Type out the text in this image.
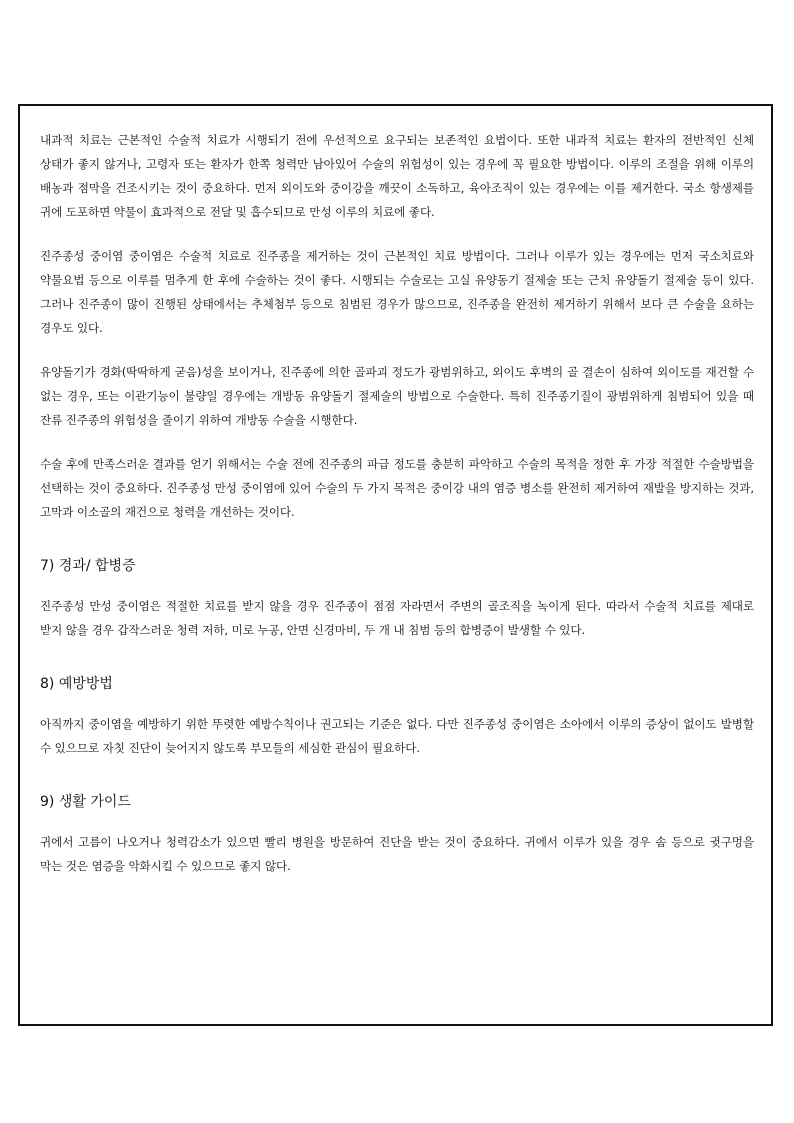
내과적 치료는 근본적인 수술적 치료가 시행되기 전에 우선적으로 요구되는 보존적인 요법이다. 또한 내과적 치료는 환자의 전반적인 신체 상태가 좋지 않거나, 고령자 또는 환자가 한쪽 청력만 남아있어 수술의 위험성이 있는 경우에 꼭 필요한 방법이다. 이루의 조절을 위해 이루의 배농과 점막을 건조시키는 것이 중요하다. 먼저 외이도와 중이강을 깨끗이 소독하고, 육아조직이 있는 경우에는 이를 제거한다. 국소 항생제를 귀에 도포하면 약물이 효과적으로 전달 및 흡수되므로 만성 이루의 치료에 좋다.

진주종성 중이염 중이염은 수술적 치료로 진주종을 제거하는 것이 근본적인 치료 방법이다. 그러나 이루가 있는 경우에는 먼저 국소치료와 약물요법 등으로 이루를 멈추게 한 후에 수술하는 것이 좋다. 시행되는 수술로는 고실 유양동기 절제술 또는 근치 유양돌기 절제술 등이 있다. 그러나 진주종이 많이 진행된 상태에서는 추체첨부 등으로 침범된 경우가 많으므로, 진주종을 완전히 제거하기 위해서 보다 큰 수술을 요하는 경우도 있다.

유양돌기가 경화(딱딱하게 굳음)성을 보이거나, 진주종에 의한 골파괴 정도가 광범위하고, 외이도 후벽의 골 결손이 심하여 외이도를 재건할 수 없는 경우, 또는 이관기능이 불량일 경우에는 개방동 유양돌기 절제술의 방법으로 수술한다. 특히 진주종기질이 광범위하게 침범되어 있을 때 잔류 진주종의 위험성을 줄이기 위하여 개방동 수술을 시행한다.

수술 후에 만족스러운 결과를 얻기 위해서는 수술 전에 진주종의 파급 정도를 충분히 파악하고 수술의 목적을 정한 후 가장 적절한 수술방법을 선택하는 것이 중요하다. 진주종성 만성 중이염에 있어 수술의 두 가지 목적은 중이강 내의 염증 병소를 완전히 제거하여 재발을 방지하는 것과, 고막과 이소골의 재건으로 청력을 개선하는 것이다.

7) 경과/ 합병증

진주종성 만성 중이염은 적절한 치료를 받지 않을 경우 진주종이 점점 자라면서 주변의 골조직을 녹이게 된다. 따라서 수술적 치료를 제대로 받지 않을 경우 갑작스러운 청력 저하, 미로 누공, 안면 신경마비, 두 개 내 침범 등의 합병증이 발생할 수 있다.

8) 예방방법

아직까지 중이염을 예방하기 위한 뚜렷한 예방수칙이나 권고되는 기준은 없다. 다만 진주종성 중이염은 소아에서 이루의 증상이 없이도 발병할 수 있으므로 자칫 진단이 늦어지지 않도록 부모들의 세심한 관심이 필요하다.

9) 생활 가이드

귀에서 고름이 나오거나 청력감소가 있으면 빨리 병원을 방문하여 진단을 받는 것이 중요하다. 귀에서 이루가 있을 경우 솜 등으로 귓구멍을 막는 것은 염증을 악화시킬 수 있으므로 좋지 않다.
